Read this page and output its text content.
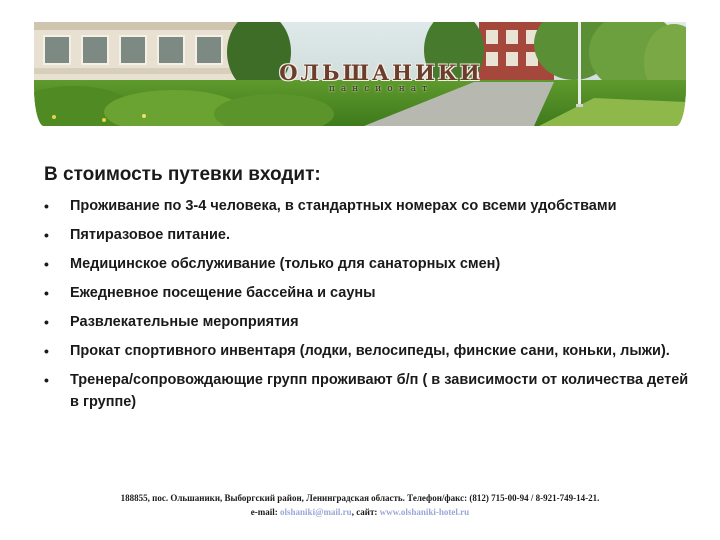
ОЛЬШАНИКИ
пансионат
В стоимость путевки входит:
• Проживание по 3-4 человека, в стандартных номерах со всеми удобствами
• Пятиразовое питание.
• Медицинское обслуживание (только для санаторных смен)
• Ежедневное посещение бассейна и сауны
• Развлекательные мероприятия
• Прокат спортивного инвентаря (лодки, велосипеды, финские сани, коньки, лыжи).
• Тренера/сопровождающие групп проживают б/п ( в зависимости от количества детей в группе)
188855, пос. Ольшаники, Выборгский район, Ленинградская область. Телефон/факс: (812) 715-00-94 / 8-921-749-14-21.
e-mail: olshaniki@mail.ru, сайт: www.olshaniki-hotel.ru
